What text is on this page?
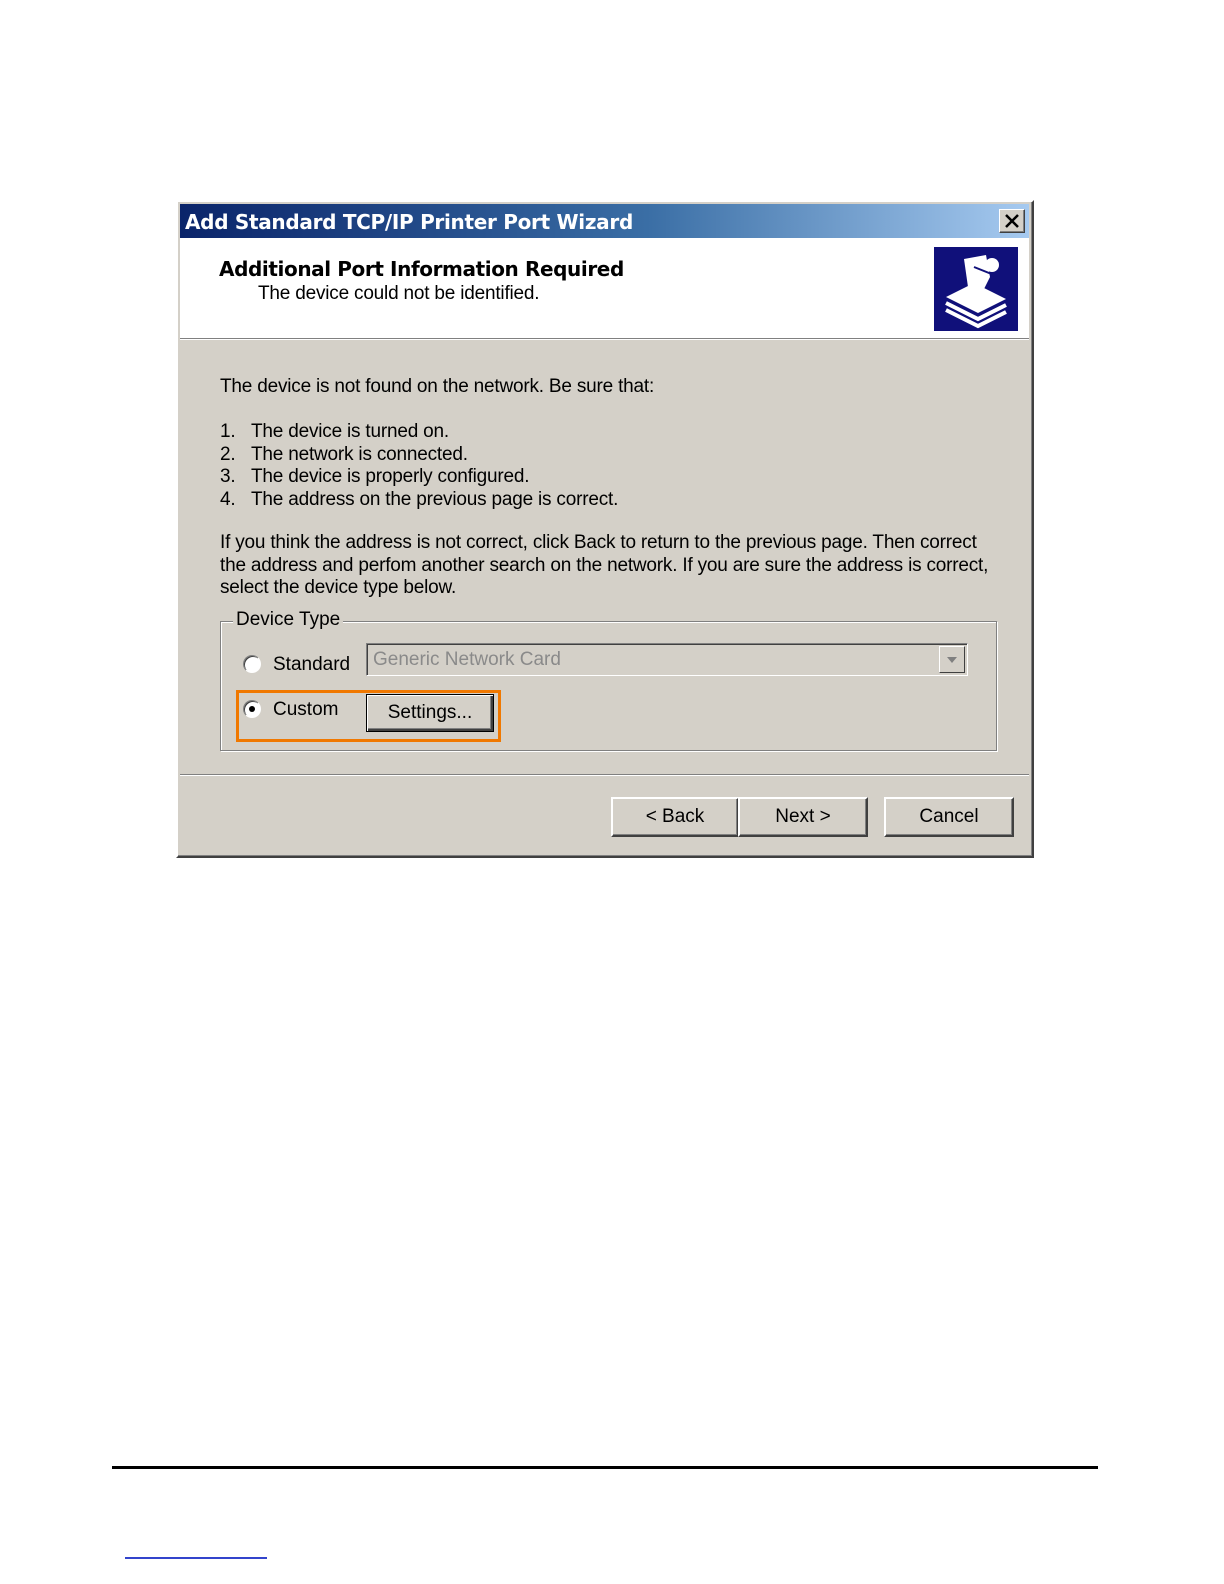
Add Standard TCP/IP Printer Port Wizard
Additional Port Information Required
The device could not be identified.
The device is not found on the network. Be sure that:
1. The device is turned on.
2. The network is connected.
3. The device is properly configured.
4. The address on the previous page is correct.
If you think the address is not correct, click Back to return to the previous page. Then correct
the address and perfom another search on the network. If you are sure the address is correct,
select the device type below.
Device Type
Standard Generic Network Card
Custom	Settings...
< Back	Next >	Cancel
